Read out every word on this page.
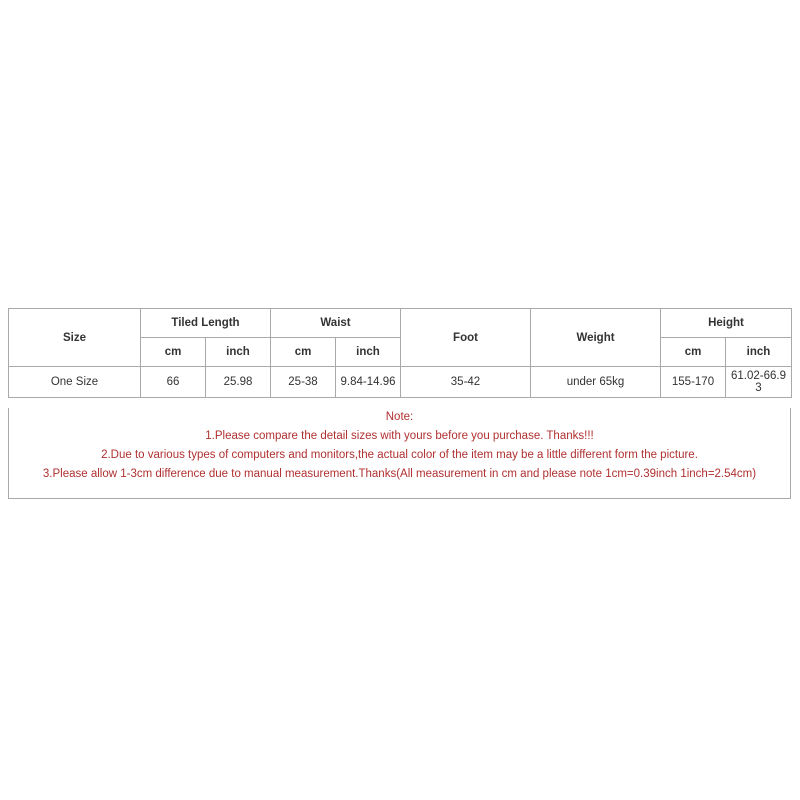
Size	Tiled Length		Waist		Foot	Weight	Height	
	cm	inch	cm	inch			cm	inch
One Size	66	25.98	25-38	9.84-14.96	35-42	under 65kg	155-170	61.02-66.93
Note:
1.Please compare the detail sizes with yours before you purchase. Thanks!!!
2.Due to various types of computers and monitors,the actual color of the item may be a little different form the picture.
3.Please allow 1-3cm difference due to manual measurement.Thanks(All measurement in cm and please note 1cm=0.39inch 1inch=2.54cm)
